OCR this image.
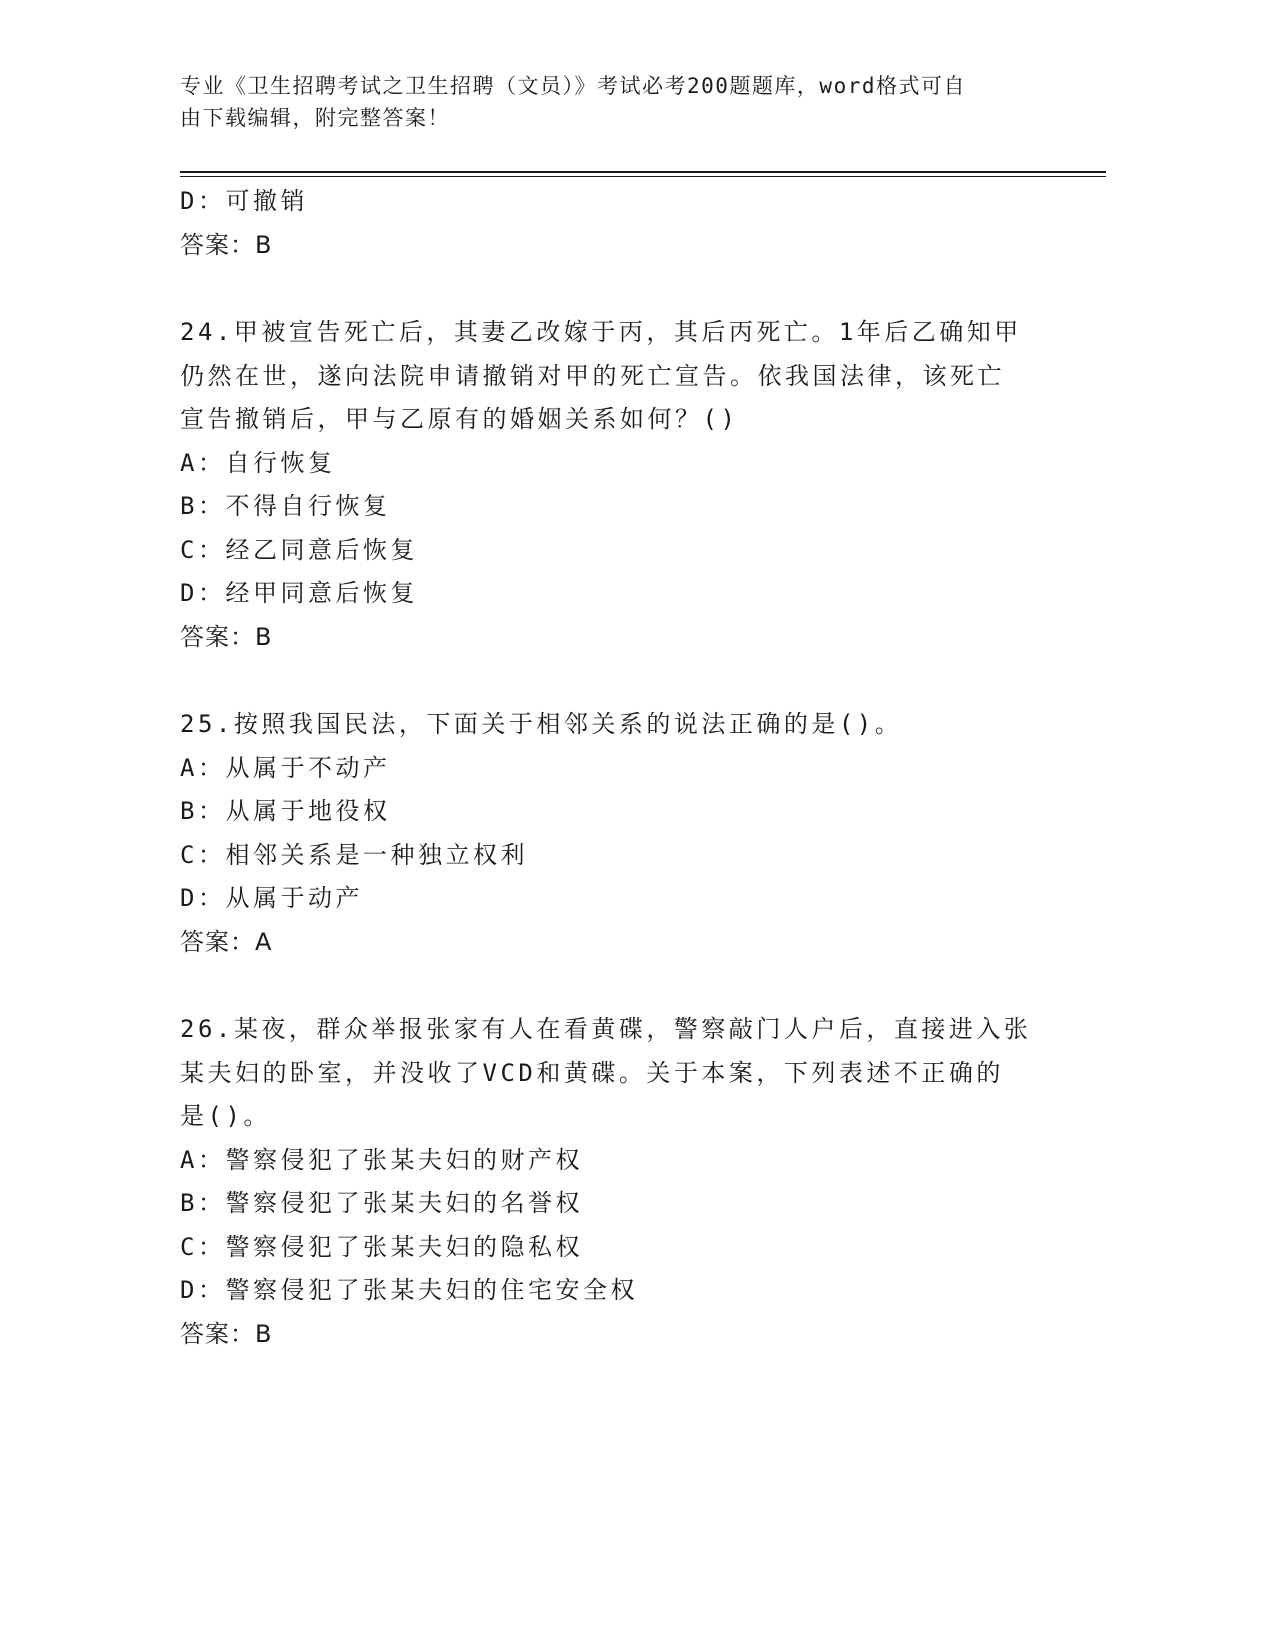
专业《卫生招聘考试之卫生招聘（文员）》考试必考200题题库，word格式可自
由下载编辑，附完整答案！
D：可撤销
答案：B
24.甲被宣告死亡后，其妻乙改嫁于丙，其后丙死亡。1年后乙确知甲
仍然在世，遂向法院申请撤销对甲的死亡宣告。依我国法律，该死亡
宣告撤销后，甲与乙原有的婚姻关系如何？()
A：自行恢复
B：不得自行恢复
C：经乙同意后恢复
D：经甲同意后恢复
答案：B
25.按照我国民法，下面关于相邻关系的说法正确的是()。
A：从属于不动产
B：从属于地役权
C：相邻关系是一种独立权利
D：从属于动产
答案：A
26.某夜，群众举报张家有人在看黄碟，警察敲门人户后，直接进入张
某夫妇的卧室，并没收了VCD和黄碟。关于本案，下列表述不正确的
是()。
A：警察侵犯了张某夫妇的财产权
B：警察侵犯了张某夫妇的名誉权
C：警察侵犯了张某夫妇的隐私权
D：警察侵犯了张某夫妇的住宅安全权
答案：B
